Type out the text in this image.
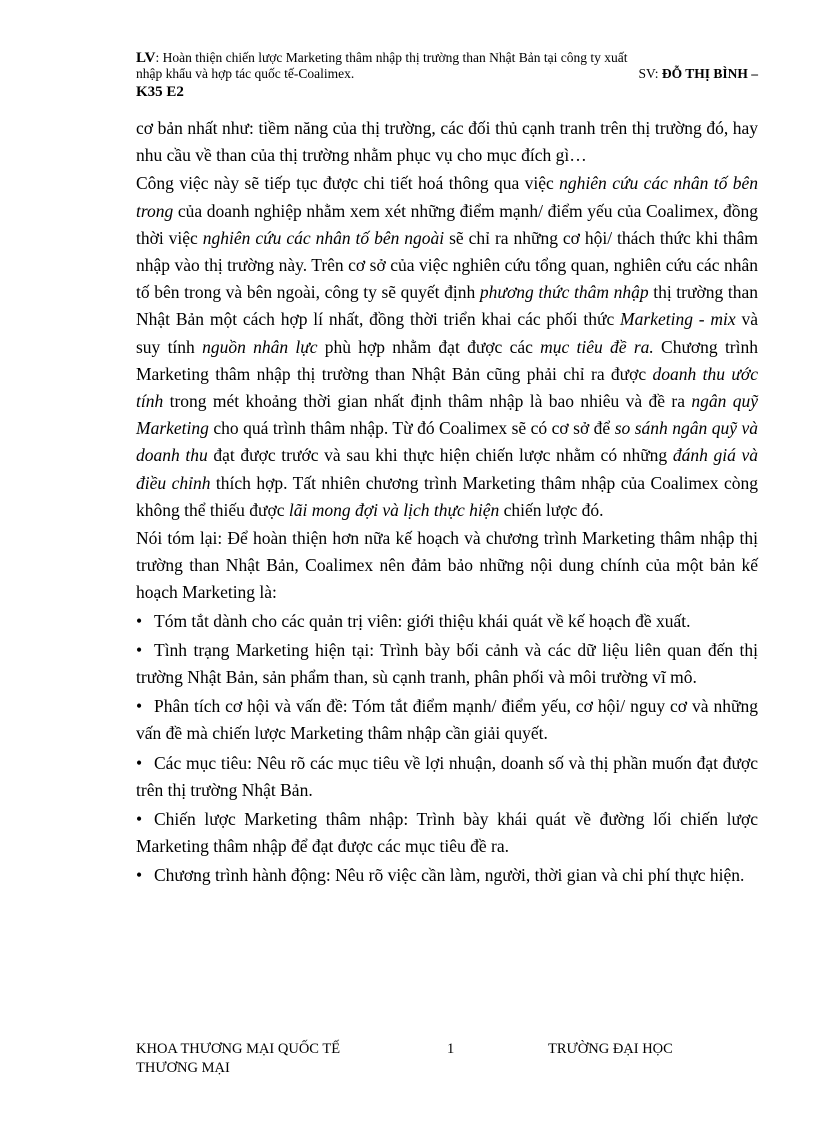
LV: Hoàn thiện chiến lược Marketing thâm nhập thị trường than Nhật Bản tại công ty xuất
nhập khẩu và hợp tác quốc tế-Coalimex.	SV: ĐỖ THỊ BÌNH –
K35 E2

cơ bản nhất như: tiềm năng của thị trường, các đối thủ cạnh tranh trên thị trường đó, hay nhu cầu về than của thị trường nhằm phục vụ cho mục đích gì…

Công việc này sẽ tiếp tục được chi tiết hoá thông qua việc nghiên cứu các nhân tố bên trong của doanh nghiệp nhằm xem xét những điểm mạnh/ điểm yếu của Coalimex, đồng thời việc nghiên cứu các nhân tố bên ngoài sẽ chỉ ra những cơ hội/ thách thức khi thâm nhập vào thị trường này. Trên cơ sở của việc nghiên cứu tổng quan, nghiên cứu các nhân tố bên trong và bên ngoài, công ty sẽ quyết định phương thức thâm nhập thị trường than Nhật Bản một cách hợp lí nhất, đồng thời triển khai các phối thức Marketing - mix và suy tính nguồn nhân lực phù hợp nhằm đạt được các mục tiêu đề ra. Chương trình Marketing thâm nhập thị trường than Nhật Bản cũng phải chỉ ra được doanh thu ước tính trong mét khoảng thời gian nhất định thâm nhập là bao nhiêu và đề ra ngân quỹ Marketing cho quá trình thâm nhập. Từ đó Coalimex sẽ có cơ sở để so sánh ngân quỹ và doanh thu đạt được trước và sau khi thực hiện chiến lược nhằm có những đánh giá và điều chỉnh thích hợp. Tất nhiên chương trình Marketing thâm nhập của Coalimex còng không thể thiếu được lãi mong đợi và lịch thực hiện chiến lược đó.

Nói tóm lại: Để hoàn thiện hơn nữa kế hoạch và chương trình Marketing thâm nhập thị trường than Nhật Bản, Coalimex nên đảm bảo những nội dung chính của một bản kế hoạch Marketing là:

• Tóm tắt dành cho các quản trị viên: giới thiệu khái quát về kế hoạch đề xuất.

• Tình trạng Marketing hiện tại: Trình bày bối cảnh và các dữ liệu liên quan đến thị trường Nhật Bản, sản phẩm than, sù cạnh tranh, phân phối và môi trường vĩ mô.

• Phân tích cơ hội và vấn đề: Tóm tắt điểm mạnh/ điểm yếu, cơ hội/ nguy cơ và những vấn đề mà chiến lược Marketing thâm nhập cần giải quyết.

• Các mục tiêu: Nêu rõ các mục tiêu về lợi nhuận, doanh số và thị phần muốn đạt được trên thị trường Nhật Bản.

• Chiến lược Marketing thâm nhập: Trình bày khái quát về đường lối chiến lược Marketing thâm nhập để đạt được các mục tiêu đề ra.

• Chương trình hành động: Nêu rõ việc cần làm, người, thời gian và chi phí thực hiện.

KHOA THƯƠNG MẠI QUỐC TẾ THƯƠNG MẠI
1	TRƯỜNG ĐẠI HỌC
